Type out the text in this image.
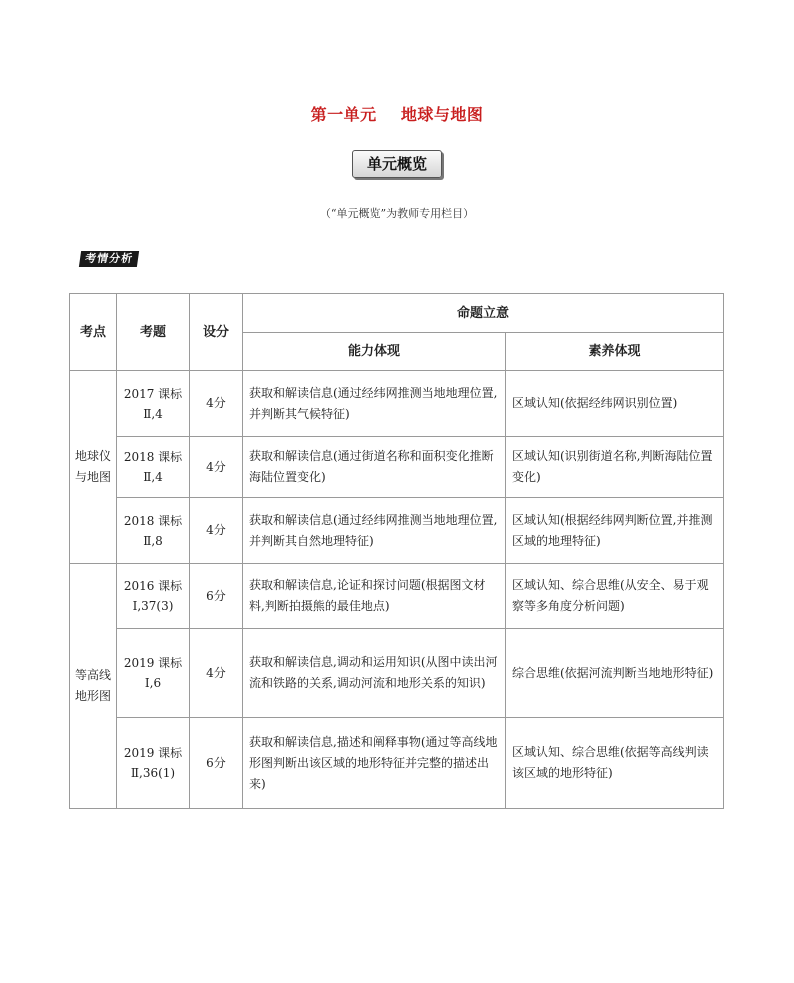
第一单元    地球与地图
单元概览
（“单元概览”为教师专用栏目）
考情分析
考点	考题	设分	命题立意	
			能力体现	素养体现
地球仪与地图	2017 课标Ⅱ,4	4分	获取和解读信息(通过经纬网推测当地地理位置,并判断其气候特征)	区域认知(依据经纬网识别位置)
	2018 课标Ⅱ,4	4分	获取和解读信息(通过街道名称和面积变化推断海陆位置变化)	区域认知(识别街道名称,判断海陆位置变化)
	2018 课标Ⅱ,8	4分	获取和解读信息(通过经纬网推测当地地理位置,并判断其自然地理特征)	区域认知(根据经纬网判断位置,并推测区域的地理特征)
等高线地形图	2016 课标Ⅰ,37(3)	6分	获取和解读信息,论证和探讨问题(根据图文材料,判断拍摄熊的最佳地点)	区域认知、综合思维(从安全、易于观察等多角度分析问题)
	2019 课标Ⅰ,6	4分	获取和解读信息,调动和运用知识(从图中读出河流和铁路的关系,调动河流和地形关系的知识)	综合思维(依据河流判断当地地形特征)
	2019 课标Ⅱ,36(1)	6分	获取和解读信息,描述和阐释事物(通过等高线地形图判断出该区域的地形特征并完整的描述出来)	区域认知、综合思维(依据等高线判读该区域的地形特征)
